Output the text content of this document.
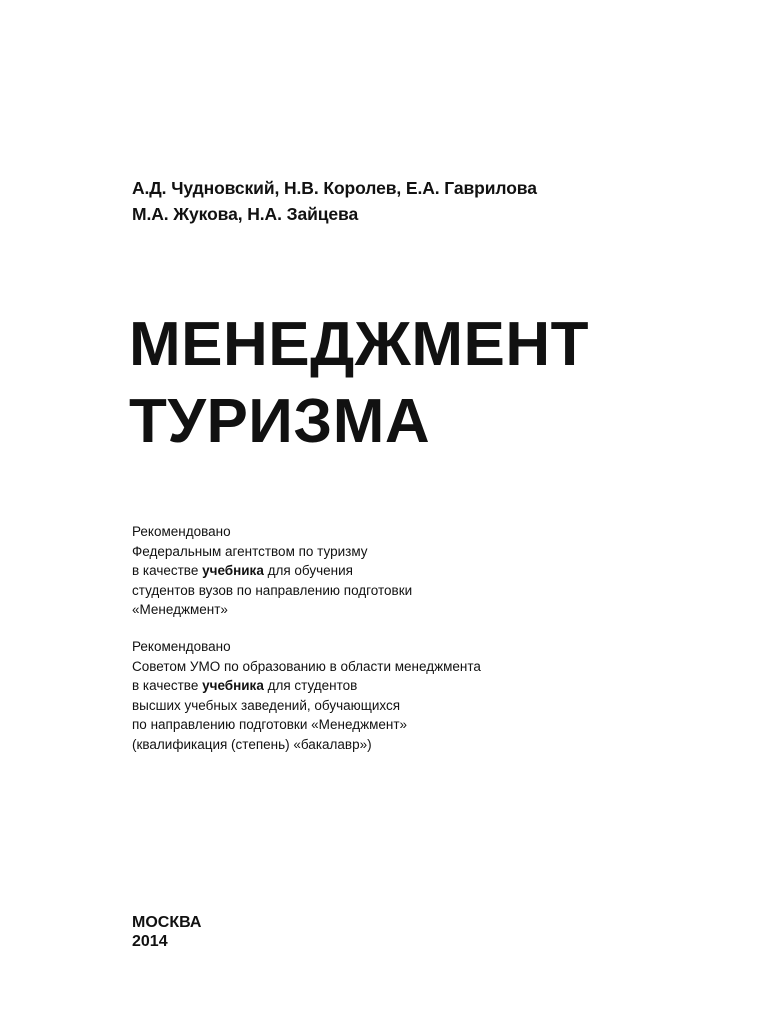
А.Д. Чудновский, Н.В. Королев, Е.А. Гаврилова
М.А. Жукова, Н.А. Зайцева
МЕНЕДЖМЕНТ
ТУРИЗМА
Рекомендовано
Федеральным агентством по туризму
в качестве учебника для обучения
студентов вузов по направлению подготовки
«Менеджмент»
Рекомендовано
Советом УМО по образованию в области менеджмента
в качестве учебника для студентов
высших учебных заведений, обучающихся
по направлению подготовки «Менеджмент»
(квалификация (степень) «бакалавр»)
МОСКВА
2014
